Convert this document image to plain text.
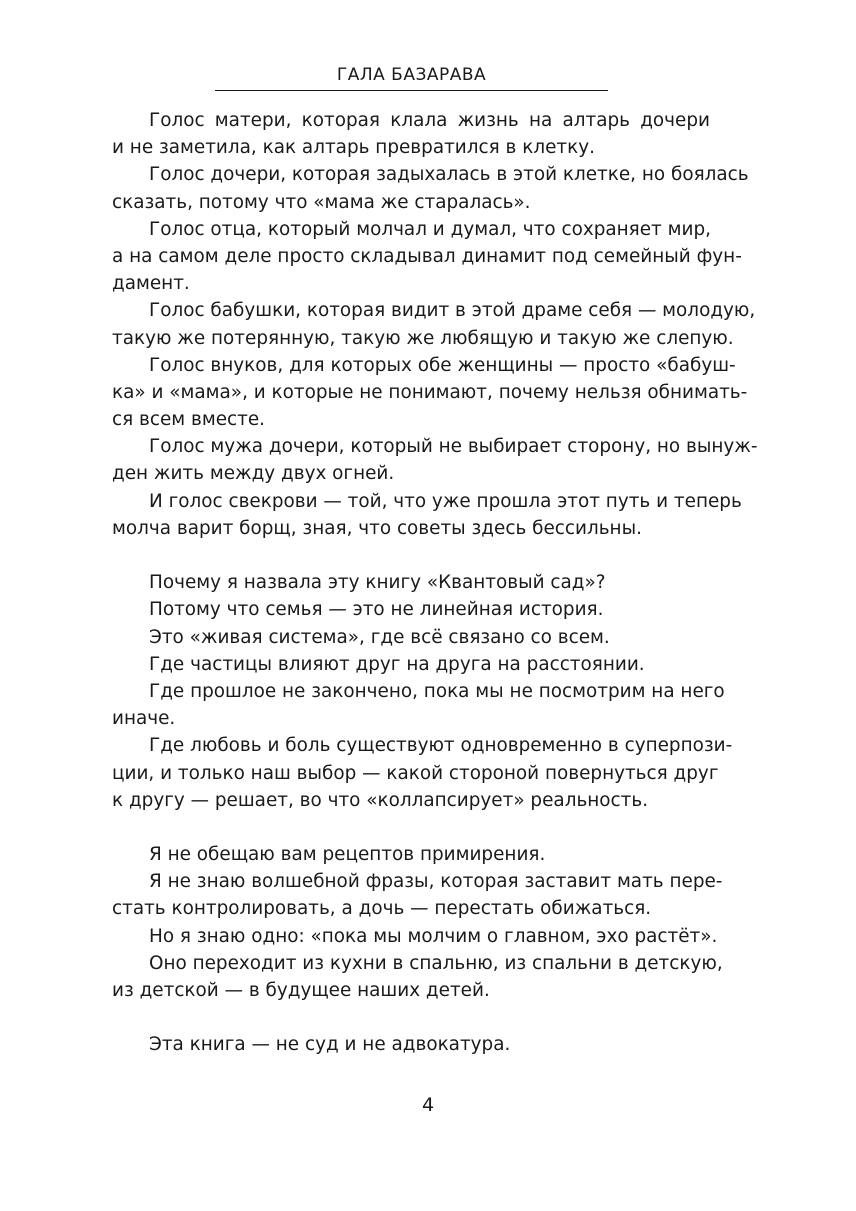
ГАЛА БАЗАРАВА
Голос матери, которая клала жизнь на алтарь дочери
и не заметила, как алтарь превратился в клетку.
Голос дочери, которая задыхалась в этой клетке, но боялась
сказать, потому что «мама же старалась».
Голос отца, который молчал и думал, что сохраняет мир,
а на самом деле просто складывал динамит под семейный фун-
дамент.
Голос бабушки, которая видит в этой драме себя — молодую,
такую же потерянную, такую же любящую и такую же слепую.
Голос внуков, для которых обе женщины — просто «бабуш-
ка» и «мама», и которые не понимают, почему нельзя обнимать-
ся всем вместе.
Голос мужа дочери, который не выбирает сторону, но вынуж-
ден жить между двух огней.
И голос свекрови — той, что уже прошла этот путь и теперь
молча варит борщ, зная, что советы здесь бессильны.
Почему я назвала эту книгу «Квантовый сад»?
Потому что семья — это не линейная история.
Это «живая система», где всё связано со всем.
Где частицы влияют друг на друга на расстоянии.
Где прошлое не закончено, пока мы не посмотрим на него
иначе.
Где любовь и боль существуют одновременно в суперпози-
ции, и только наш выбор — какой стороной повернуться друг
к другу — решает, во что «коллапсирует» реальность.
Я не обещаю вам рецептов примирения.
Я не знаю волшебной фразы, которая заставит мать пере-
стать контролировать, а дочь — перестать обижаться.
Но я знаю одно: «пока мы молчим о главном, эхо растёт».
Оно переходит из кухни в спальню, из спальни в детскую,
из детской — в будущее наших детей.
Эта книга — не суд и не адвокатура.
4
